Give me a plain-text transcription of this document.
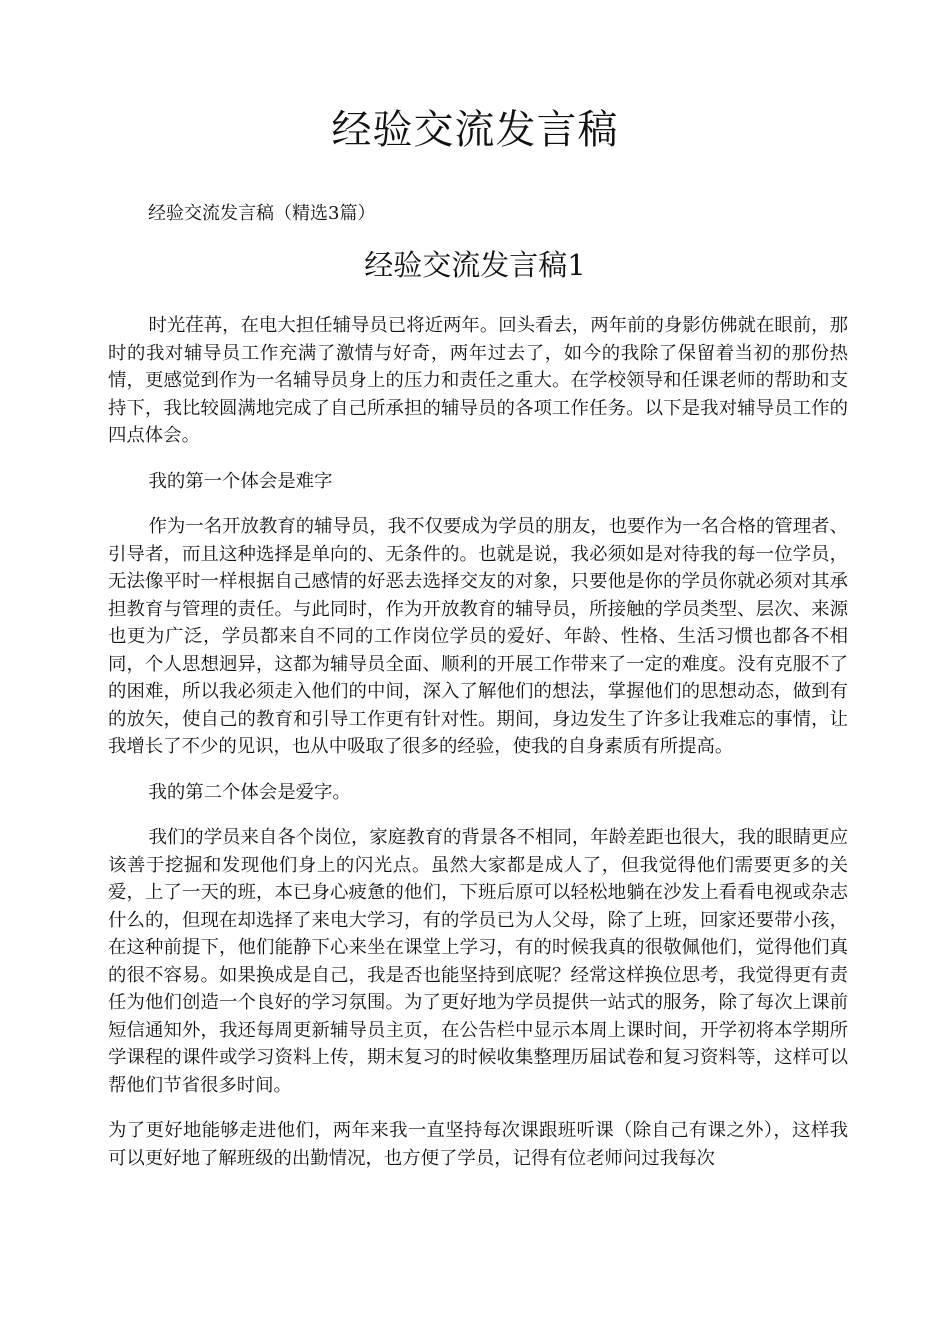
经验交流发言稿

经验交流发言稿（精选3篇）

经验交流发言稿1

时光荏苒，在电大担任辅导员已将近两年。回头看去，两年前的身影仿佛就在眼前，那时的我对辅导员工作充满了激情与好奇，两年过去了，如今的我除了保留着当初的那份热情，更感觉到作为一名辅导员身上的压力和责任之重大。在学校领导和任课老师的帮助和支持下，我比较圆满地完成了自己所承担的辅导员的各项工作任务。以下是我对辅导员工作的四点体会。

我的第一个体会是难字

作为一名开放教育的辅导员，我不仅要成为学员的朋友，也要作为一名合格的管理者、引导者，而且这种选择是单向的、无条件的。也就是说，我必须如是对待我的每一位学员，无法像平时一样根据自己感情的好恶去选择交友的对象，只要他是你的学员你就必须对其承担教育与管理的责任。与此同时，作为开放教育的辅导员，所接触的学员类型、层次、来源也更为广泛，学员都来自不同的工作岗位学员的爱好、年龄、性格、生活习惯也都各不相同，个人思想迥异，这都为辅导员全面、顺利的开展工作带来了一定的难度。没有克服不了的困难，所以我必须走入他们的中间，深入了解他们的想法，掌握他们的思想动态，做到有的放矢，使自己的教育和引导工作更有针对性。期间，身边发生了许多让我难忘的事情，让我增长了不少的见识，也从中吸取了很多的经验，使我的自身素质有所提高。

我的第二个体会是爱字。

我们的学员来自各个岗位，家庭教育的背景各不相同，年龄差距也很大，我的眼睛更应该善于挖掘和发现他们身上的闪光点。虽然大家都是成人了，但我觉得他们需要更多的关爱，上了一天的班，本已身心疲惫的他们，下班后原可以轻松地躺在沙发上看看电视或杂志什么的，但现在却选择了来电大学习，有的学员已为人父母，除了上班，回家还要带小孩，在这种前提下，他们能静下心来坐在课堂上学习，有的时候我真的很敬佩他们，觉得他们真的很不容易。如果换成是自己，我是否也能坚持到底呢？经常这样换位思考，我觉得更有责任为他们创造一个良好的学习氛围。为了更好地为学员提供一站式的服务，除了每次上课前短信通知外，我还每周更新辅导员主页，在公告栏中显示本周上课时间，开学初将本学期所学课程的课件或学习资料上传，期末复习的时候收集整理历届试卷和复习资料等，这样可以帮他们节省很多时间。

为了更好地能够走进他们，两年来我一直坚持每次课跟班听课（除自己有课之外），这样我可以更好地了解班级的出勤情况，也方便了学员，记得有位老师问过我每次
